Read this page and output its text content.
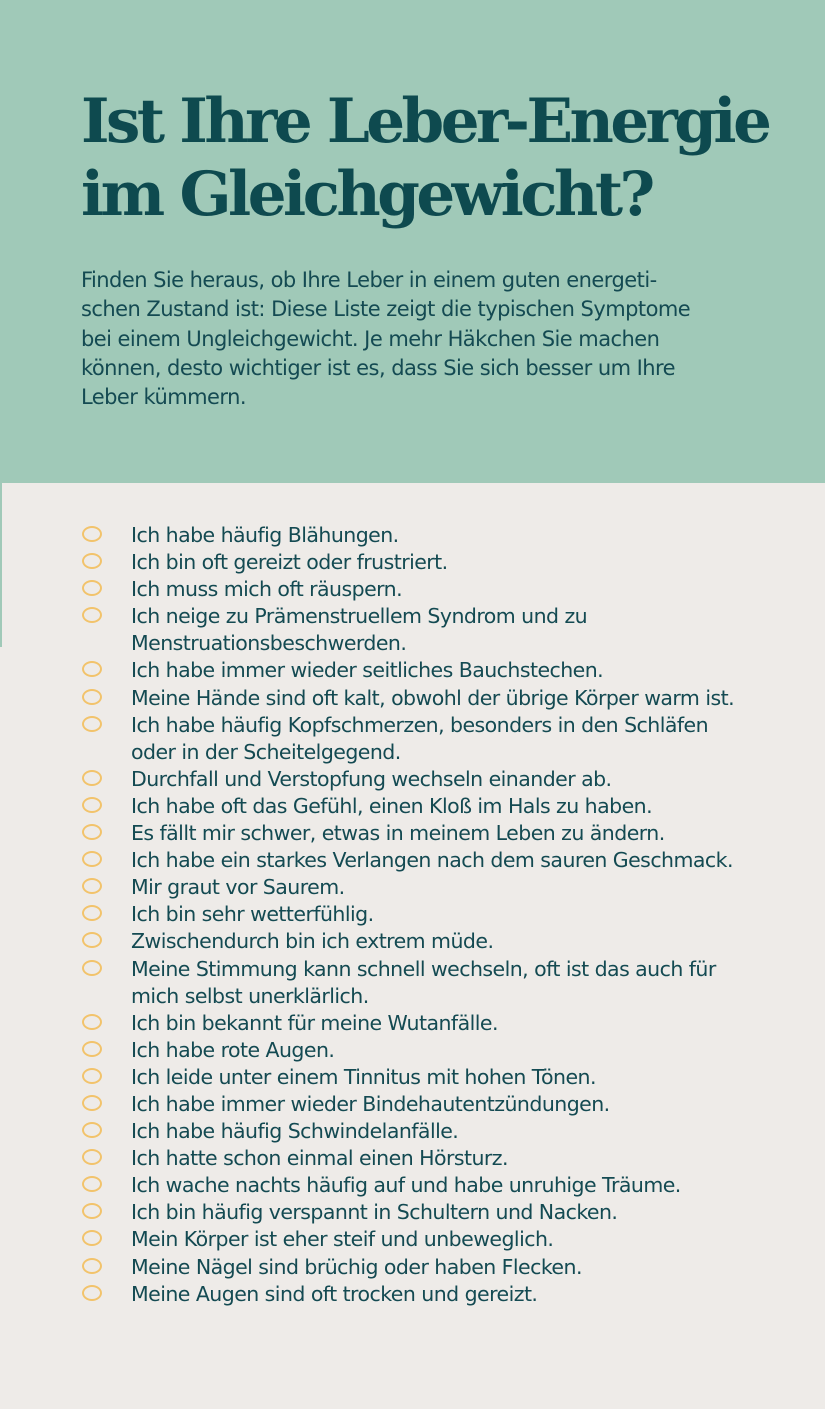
Ist Ihre Leber-Energie
im Gleichgewicht?

Finden Sie heraus, ob Ihre Leber in einem guten energeti-
schen Zustand ist: Diese Liste zeigt die typischen Symptome
bei einem Ungleichgewicht. Je mehr Häkchen Sie machen
können, desto wichtiger ist es, dass Sie sich besser um Ihre
Leber kümmern.

Ich habe häufig Blähungen.
Ich bin oft gereizt oder frustriert.
Ich muss mich oft räuspern.
Ich neige zu Prämenstruellem Syndrom und zu
Menstruationsbeschwerden.
Ich habe immer wieder seitliches Bauchstechen.
Meine Hände sind oft kalt, obwohl der übrige Körper warm ist.
Ich habe häufig Kopfschmerzen, besonders in den Schläfen
oder in der Scheitelgegend.
Durchfall und Verstopfung wechseln einander ab.
Ich habe oft das Gefühl, einen Kloß im Hals zu haben.
Es fällt mir schwer, etwas in meinem Leben zu ändern.
Ich habe ein starkes Verlangen nach dem sauren Geschmack.
Mir graut vor Saurem.
Ich bin sehr wetterfühlig.
Zwischendurch bin ich extrem müde.
Meine Stimmung kann schnell wechseln, oft ist das auch für
mich selbst unerklärlich.
Ich bin bekannt für meine Wutanfälle.
Ich habe rote Augen.
Ich leide unter einem Tinnitus mit hohen Tönen.
Ich habe immer wieder Bindehautentzündungen.
Ich habe häufig Schwindelanfälle.
Ich hatte schon einmal einen Hörsturz.
Ich wache nachts häufig auf und habe unruhige Träume.
Ich bin häufig verspannt in Schultern und Nacken.
Mein Körper ist eher steif und unbeweglich.
Meine Nägel sind brüchig oder haben Flecken.
Meine Augen sind oft trocken und gereizt.
